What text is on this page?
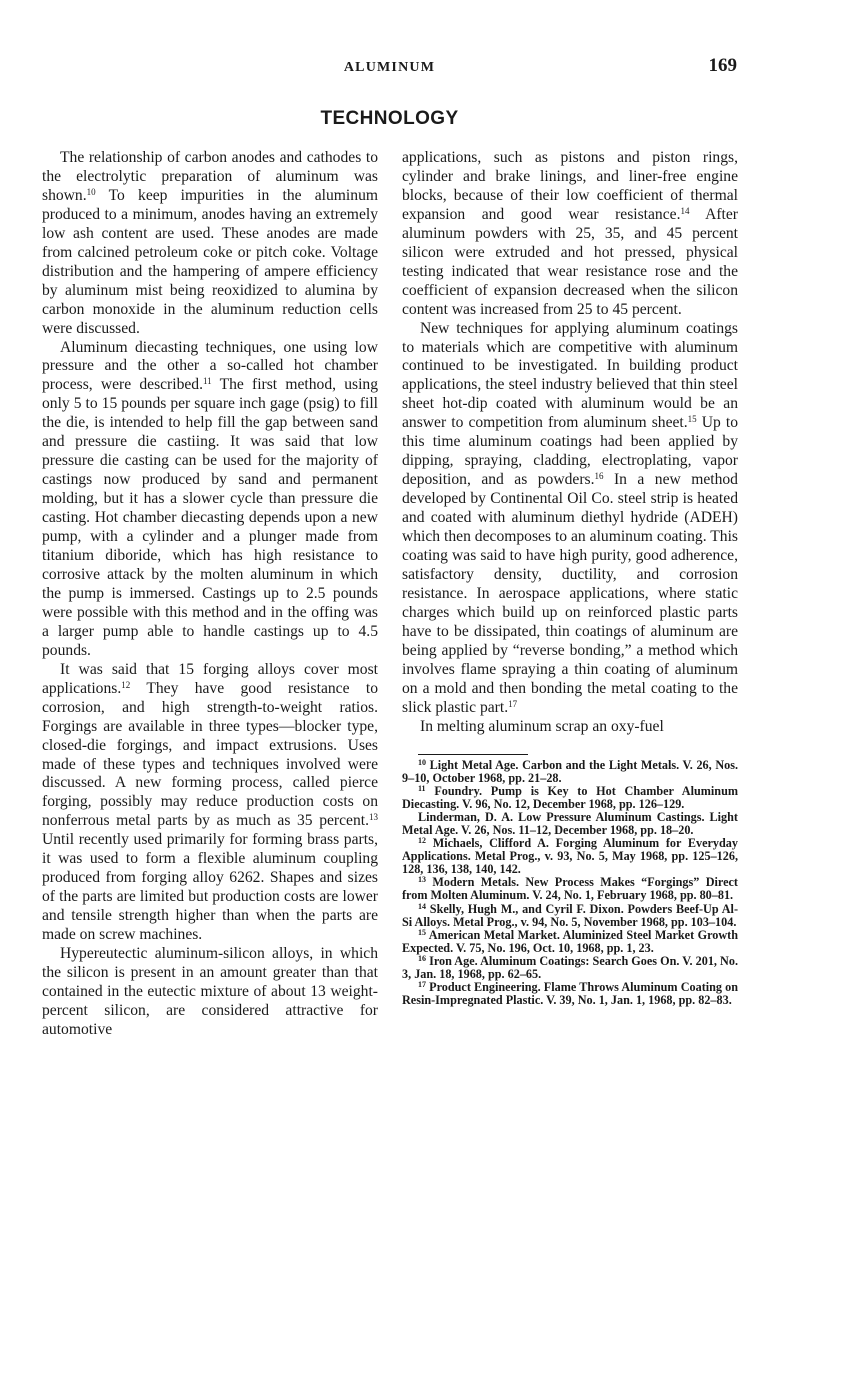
ALUMINUM	169
TECHNOLOGY

The relationship of carbon anodes and cathodes to the electrolytic preparation of aluminum was shown.$^{10}$ To keep impurities in the aluminum produced to a minimum, anodes having an extremely low ash content are used. These anodes are made from calcined petroleum coke or pitch coke. Voltage distribution and the hampering of ampere efficiency by aluminum mist being reoxidized to alumina by carbon monoxide in the aluminum reduction cells were discussed.

Aluminum diecasting techniques, one using low pressure and the other a so-called hot chamber process, were described.$^{11}$ The first method, using only 5 to 15 pounds per square inch gage (psig) to fill the die, is intended to help fill the gap between sand and pressure die castiing. It was said that low pressure die casting can be used for the majority of castings now produced by sand and permanent molding, but it has a slower cycle than pressure die casting. Hot chamber diecasting depends upon a new pump, with a cylinder and a plunger made from titanium diboride, which has high resistance to corrosive attack by the molten aluminum in which the pump is immersed. Castings up to 2.5 pounds were possible with this method and in the offing was a larger pump able to handle castings up to 4.5 pounds.

It was said that 15 forging alloys cover most applications.$^{12}$ They have good resistance to corrosion, and high strength-to-weight ratios. Forgings are available in three types—blocker type, closed-die forgings, and impact extrusions. Uses made of these types and techniques involved were discussed. A new forming process, called pierce forging, possibly may reduce production costs on nonferrous metal parts by as much as 35 percent.$^{13}$ Until recently used primarily for forming brass parts, it was used to form a flexible aluminum coupling produced from forging alloy 6262. Shapes and sizes of the parts are limited but production costs are lower and tensile strength higher than when the parts are made on screw machines.

Hypereutectic aluminum-silicon alloys, in which the silicon is present in an amount greater than that contained in the eutectic mixture of about 13 weight-percent silicon, are considered attractive for automotive

applications, such as pistons and piston rings, cylinder and brake linings, and liner-free engine blocks, because of their low coefficient of thermal expansion and good wear resistance.$^{14}$ After aluminum powders with 25, 35, and 45 percent silicon were extruded and hot pressed, physical testing indicated that wear resistance rose and the coefficient of expansion decreased when the silicon content was increased from 25 to 45 percent.

New techniques for applying aluminum coatings to materials which are competitive with aluminum continued to be investigated. In building product applications, the steel industry believed that thin steel sheet hot-dip coated with aluminum would be an answer to competition from aluminum sheet.$^{15}$ Up to this time aluminum coatings had been applied by dipping, spraying, cladding, electroplating, vapor deposition, and as powders.$^{16}$ In a new method developed by Continental Oil Co. steel strip is heated and coated with aluminum diethyl hydride (ADEH) which then decomposes to an aluminum coating. This coating was said to have high purity, good adherence, satisfactory density, ductility, and corrosion resistance. In aerospace applications, where static charges which build up on reinforced plastic parts have to be dissipated, thin coatings of aluminum are being applied by “reverse bonding,” a method which involves flame spraying a thin coating of aluminum on a mold and then bonding the metal coating to the slick plastic part.$^{17}$

In melting aluminum scrap an oxy-fuel

$^{10}$ Light Metal Age. Carbon and the Light Metals. V. 26, Nos. 9–10, October 1968, pp. 21–28.

$^{11}$ Foundry. Pump is Key to Hot Chamber Aluminum Diecasting. V. 96, No. 12, December 1968, pp. 126–129.

Linderman, D. A. Low Pressure Aluminum Castings. Light Metal Age. V. 26, Nos. 11–12, December 1968, pp. 18–20.

$^{12}$ Michaels, Clifford A. Forging Aluminum for Everyday Applications. Metal Prog., v. 93, No. 5, May 1968, pp. 125–126, 128, 136, 138, 140, 142.

$^{13}$ Modern Metals. New Process Makes “Forgings” Direct from Molten Aluminum. V. 24, No. 1, February 1968, pp. 80–81.

$^{14}$ Skelly, Hugh M., and Cyril F. Dixon. Powders Beef-Up Al-Si Alloys. Metal Prog., v. 94, No. 5, November 1968, pp. 103–104.

$^{15}$ American Metal Market. Aluminized Steel Market Growth Expected. V. 75, No. 196, Oct. 10, 1968, pp. 1, 23.

$^{16}$ Iron Age. Aluminum Coatings: Search Goes On. V. 201, No. 3, Jan. 18, 1968, pp. 62–65.

$^{17}$ Product Engineering. Flame Throws Aluminum Coating on Resin-Impregnated Plastic. V. 39, No. 1, Jan. 1, 1968, pp. 82–83.
